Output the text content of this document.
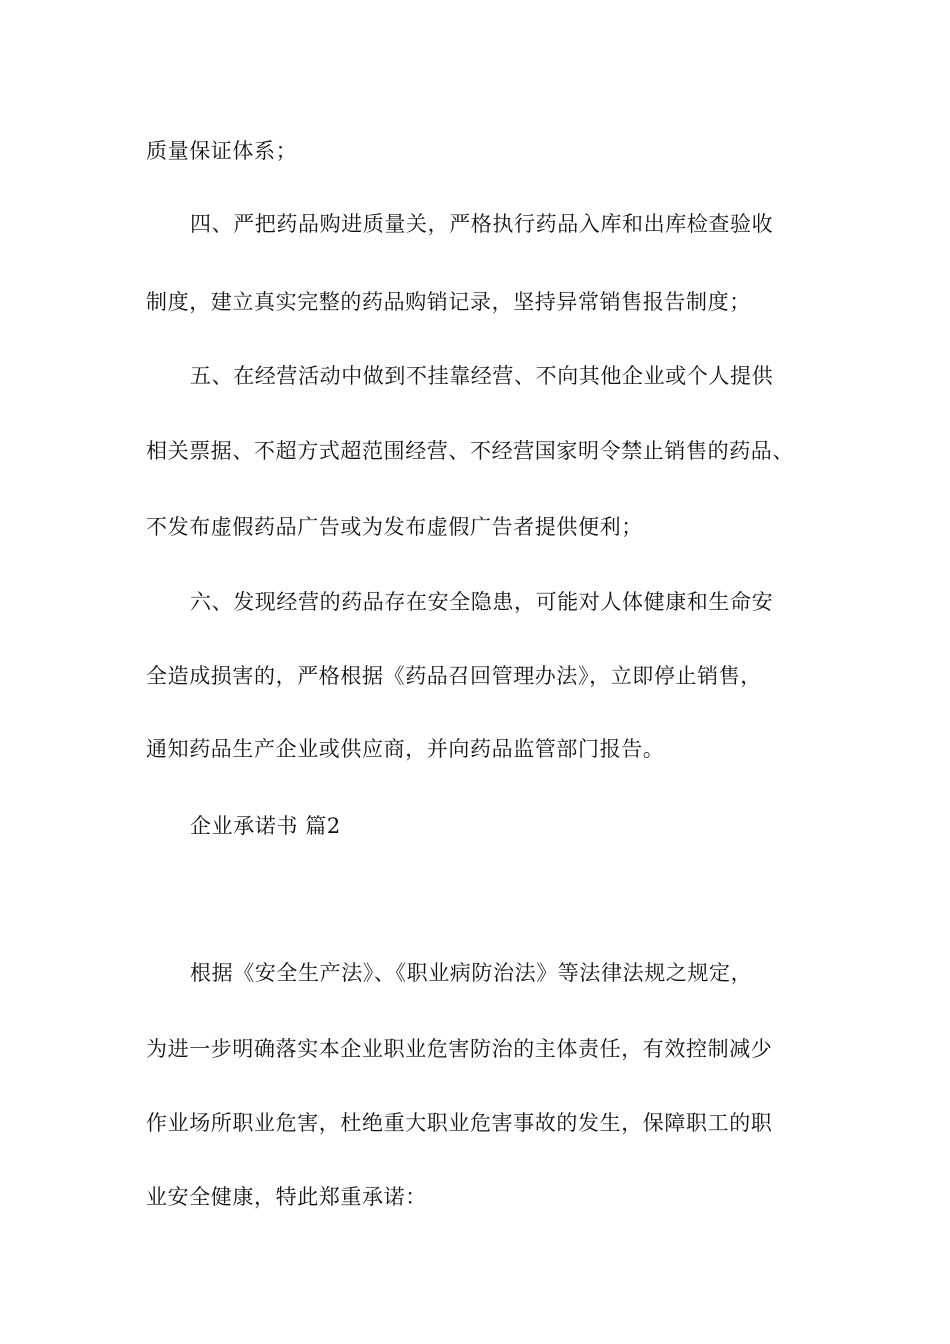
质量保证体系；
四、严把药品购进质量关，严格执行药品入库和出库检查验收
制度，建立真实完整的药品购销记录，坚持异常销售报告制度；
五、在经营活动中做到不挂靠经营、不向其他企业或个人提供
相关票据、不超方式超范围经营、不经营国家明令禁止销售的药品、
不发布虚假药品广告或为发布虚假广告者提供便利；
六、发现经营的药品存在安全隐患，可能对人体健康和生命安
全造成损害的，严格根据《药品召回管理办法》，立即停止销售，
通知药品生产企业或供应商，并向药品监管部门报告。
企业承诺书 篇2
根据《安全生产法》、《职业病防治法》等法律法规之规定，
为进一步明确落实本企业职业危害防治的主体责任，有效控制减少
作业场所职业危害，杜绝重大职业危害事故的发生，保障职工的职
业安全健康，特此郑重承诺：
